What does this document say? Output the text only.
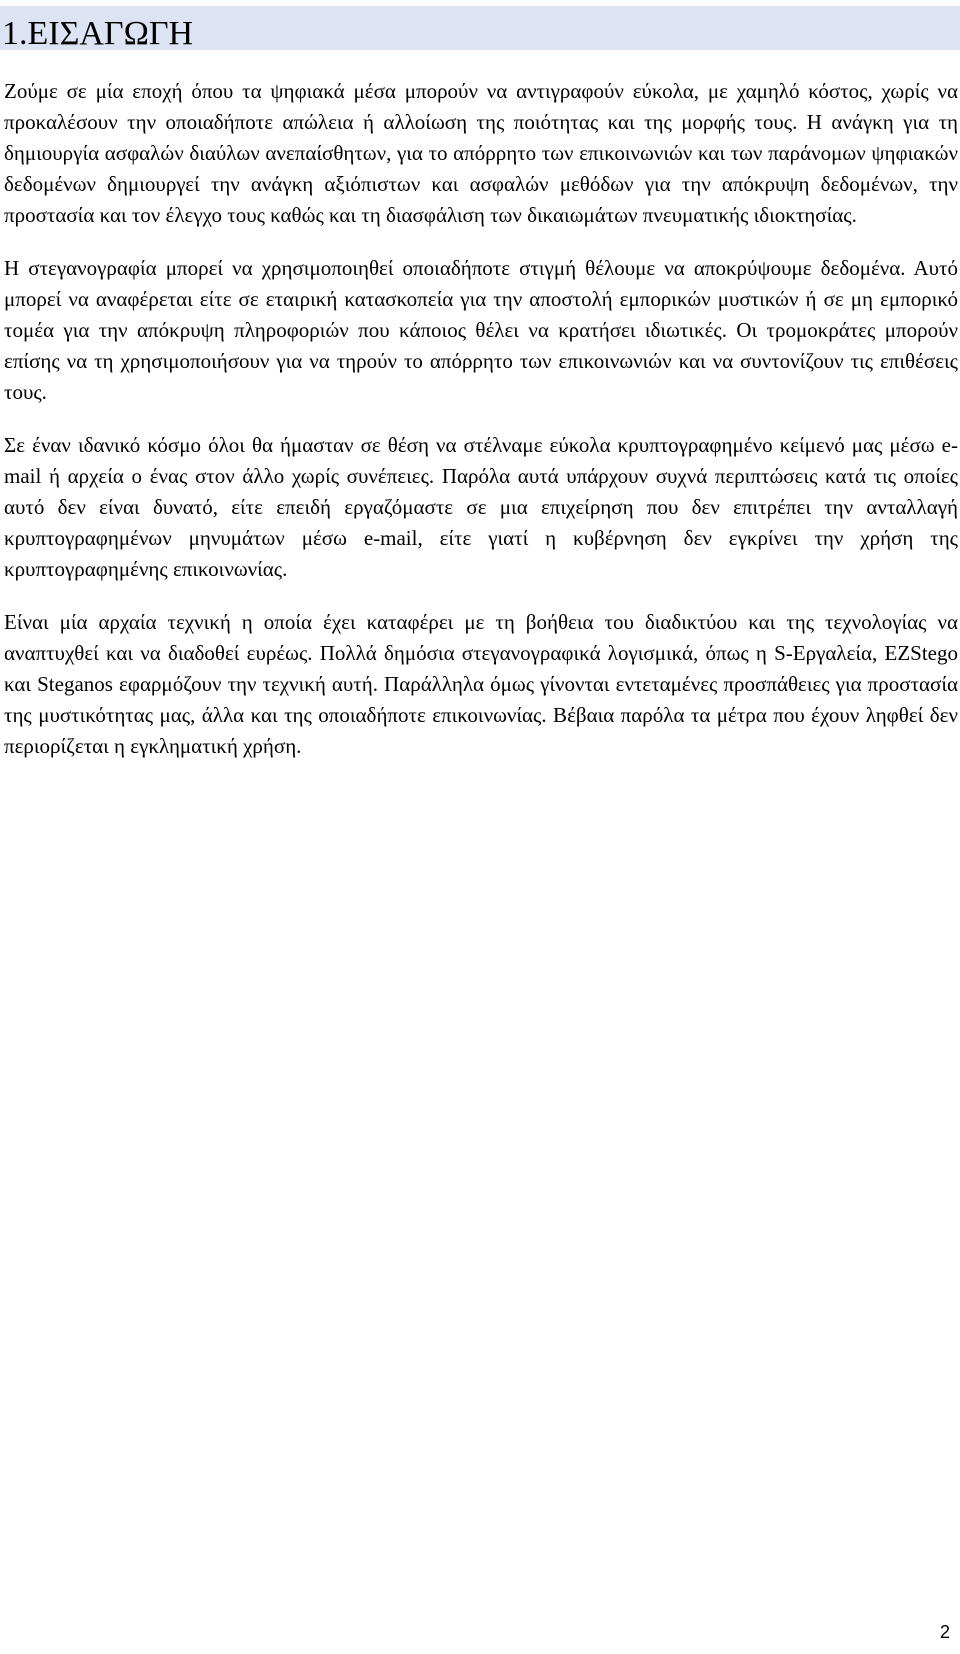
1.ΕΙΣΑΓΩΓΗ

Ζούμε σε μία εποχή όπου τα ψηφιακά μέσα μπορούν να αντιγραφούν εύκολα, με χαμηλό κόστος, χωρίς να προκαλέσουν την οποιαδήποτε απώλεια ή αλλοίωση της ποιότητας και της μορφής τους. Η ανάγκη για τη δημιουργία ασφαλών διαύλων ανεπαίσθητων, για το απόρρητο των επικοινωνιών και των παράνομων ψηφιακών δεδομένων δημιουργεί την ανάγκη αξιόπιστων και ασφαλών μεθόδων για την απόκρυψη δεδομένων, την προστασία και τον έλεγχο τους καθώς και τη διασφάλιση των δικαιωμάτων πνευματικής ιδιοκτησίας.

Η στεγανογραφία μπορεί να χρησιμοποιηθεί οποιαδήποτε στιγμή θέλουμε να αποκρύψουμε δεδομένα. Αυτό μπορεί να αναφέρεται είτε σε εταιρική κατασκοπεία για την αποστολή εμπορικών μυστικών ή σε μη εμπορικό τομέα για την απόκρυψη πληροφοριών που κάποιος θέλει να κρατήσει ιδιωτικές. Οι τρομοκράτες μπορούν επίσης να τη χρησιμοποιήσουν για να τηρούν το απόρρητο των επικοινωνιών και να συντονίζουν τις επιθέσεις τους.

Σε έναν ιδανικό κόσμο όλοι θα ήμασταν σε θέση να στέλναμε εύκολα κρυπτογραφημένο κείμενό μας μέσω e-mail ή αρχεία ο ένας στον άλλο χωρίς συνέπειες. Παρόλα αυτά υπάρχουν συχνά περιπτώσεις κατά τις οποίες αυτό δεν είναι δυνατό, είτε επειδή εργαζόμαστε σε μια επιχείρηση που δεν επιτρέπει την ανταλλαγή κρυπτογραφημένων μηνυμάτων μέσω e-mail, είτε γιατί η κυβέρνηση δεν εγκρίνει την χρήση της κρυπτογραφημένης επικοινωνίας.

Είναι μία αρχαία τεχνική η οποία έχει καταφέρει με τη βοήθεια του διαδικτύου και της τεχνολογίας να αναπτυχθεί και να διαδοθεί ευρέως. Πολλά δημόσια στεγανογραφικά λογισμικά, όπως η S-Εργαλεία, EZStego και Steganos εφαρμόζουν την τεχνική αυτή. Παράλληλα όμως γίνονται εντεταμένες προσπάθειες για προστασία της μυστικότητας μας, άλλα και της οποιαδήποτε επικοινωνίας. Βέβαια παρόλα τα μέτρα που έχουν ληφθεί δεν περιορίζεται η εγκληματική χρήση.

2
